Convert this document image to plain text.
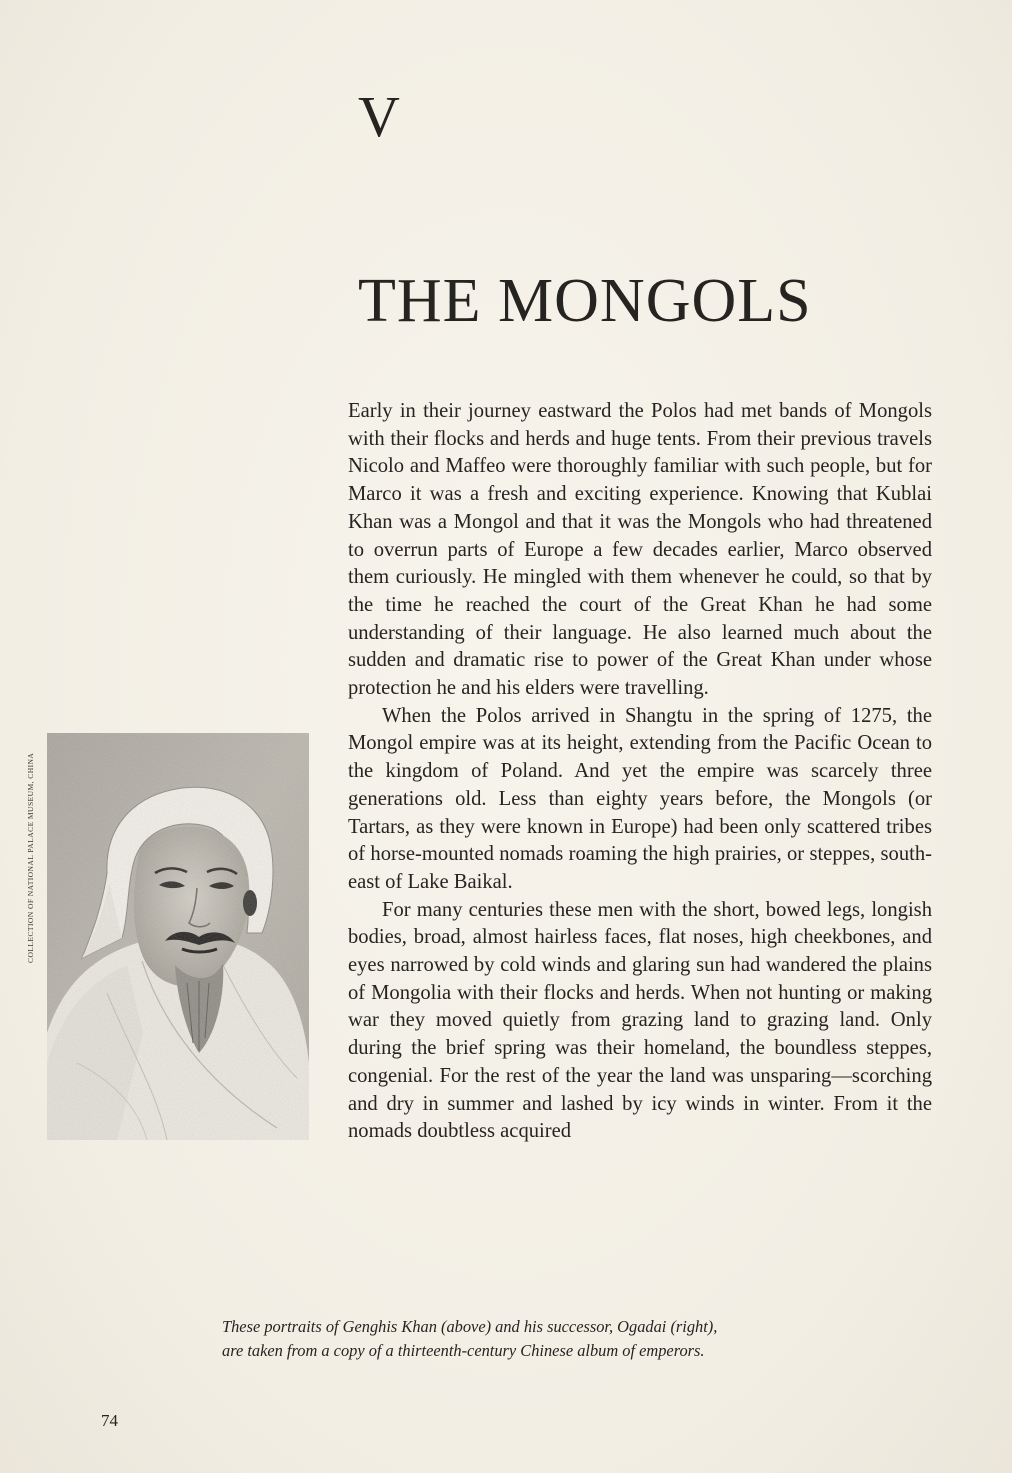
V
THE MONGOLS

Early in their journey eastward the Polos had met bands of Mongols with their flocks and herds and huge tents. From their previous travels Nicolo and Maffeo were thoroughly familiar with such people, but for Marco it was a fresh and exciting experience. Knowing that Kublai Khan was a Mongol and that it was the Mongols who had threatened to overrun parts of Europe a few decades earlier, Marco observed them curiously. He mingled with them whenever he could, so that by the time he reached the court of the Great Khan he had some understanding of their language. He also learned much about the sudden and dramatic rise to power of the Great Khan under whose protection he and his elders were travelling.

When the Polos arrived in Shangtu in the spring of 1275, the Mongol empire was at its height, extending from the Pacific Ocean to the kingdom of Poland. And yet the empire was scarcely three generations old. Less than eighty years before, the Mongols (or Tartars, as they were known in Europe) had been only scattered tribes of horse-mounted nomads roaming the high prairies, or steppes, south-east of Lake Baikal.

For many centuries these men with the short, bowed legs, longish bodies, broad, almost hairless faces, flat noses, high cheekbones, and eyes narrowed by cold winds and glaring sun had wandered the plains of Mongolia with their flocks and herds. When not hunting or making war they moved quietly from grazing land to grazing land. Only during the brief spring was their homeland, the boundless steppes, congenial. For the rest of the year the land was unsparing—scorching and dry in summer and lashed by icy winds in winter. From it the nomads doubtless acquired

COLLECTION OF NATIONAL PALACE MUSEUM, CHINA
These portraits of Genghis Khan (above) and his successor, Ogadai (right),
are taken from a copy of a thirteenth-century Chinese album of emperors.
74
